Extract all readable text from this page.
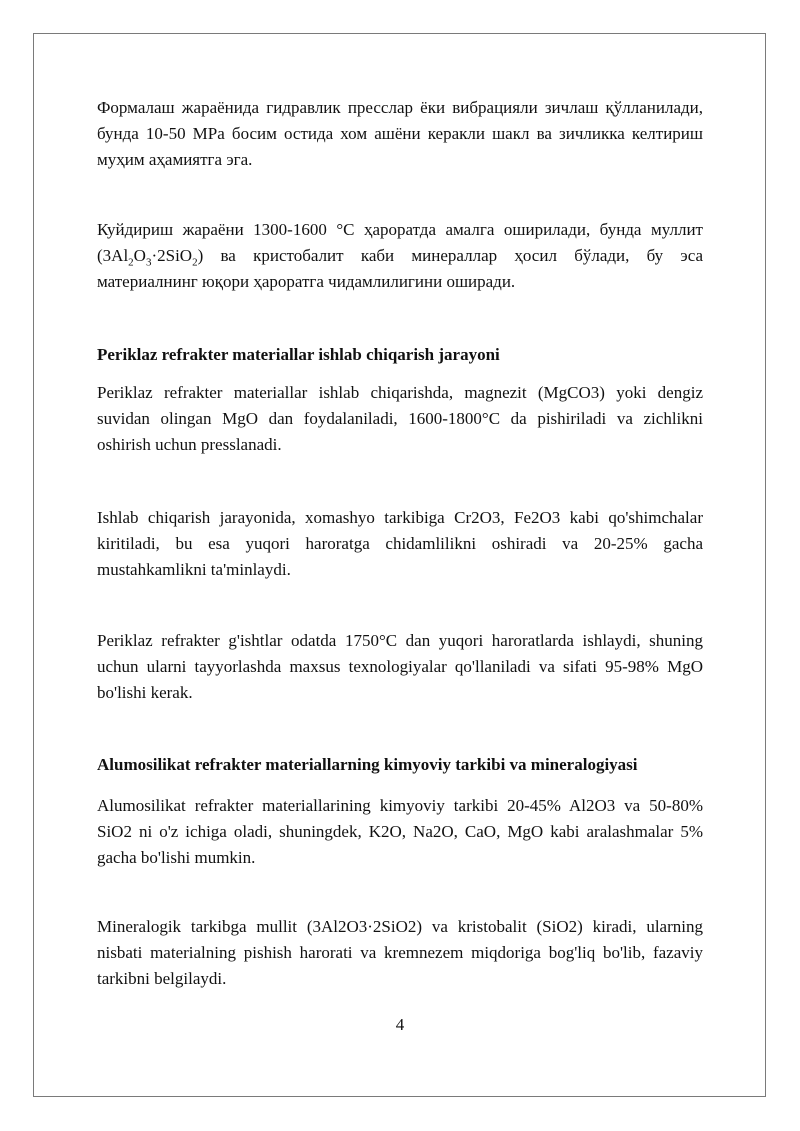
Формалаш жараёнида гидравлик пресслар ёки вибрацияли зичлаш қўлланилади, бунда 10-50 MPa босим остида хом ашёни керакли шакл ва зичликка келтириш муҳим аҳамиятга эга.

Куйдириш жараёни 1300-1600 °C ҳароратда амалга оширилади, бунда муллит $(3Al_2O_3\cdot 2SiO_2)$ ва кристобалит каби минераллар ҳосил бўлади, бу эса материалнинг юқори ҳароратга чидамлилигини оширади.

Periklaz refrakter materiallar ishlab chiqarish jarayoni

Periklaz refrakter materiallar ishlab chiqarishda, magnezit (MgCO3) yoki dengiz suvidan olingan MgO dan foydalaniladi, 1600-1800°C da pishiriladi va zichlikni oshirish uchun presslanadi.

Ishlab chiqarish jarayonida, xomashyo tarkibiga Cr2O3, Fe2O3 kabi qo'shimchalar kiritiladi, bu esa yuqori haroratga chidamlilikni oshiradi va 20-25% gacha mustahkamlikni ta'minlaydi.

Periklaz refrakter g'ishtlar odatda 1750°C dan yuqori haroratlarda ishlaydi, shuning uchun ularni tayyorlashda maxsus texnologiyalar qo'llaniladi va sifati 95-98% MgO bo'lishi kerak.

Alumosilikat refrakter materiallarning kimyoviy tarkibi va mineralogiyasi

Alumosilikat refrakter materiallarining kimyoviy tarkibi 20-45% Al2O3 va 50-80% SiO2 ni o'z ichiga oladi, shuningdek, K2O, Na2O, CaO, MgO kabi aralashmalar 5% gacha bo'lishi mumkin.

Mineralogik tarkibga mullit (3Al2O3·2SiO2) va kristobalit (SiO2) kiradi, ularning nisbati materialning pishish harorati va kremnezem miqdoriga bog'liq bo'lib, fazaviy tarkibni belgilaydi.

4
